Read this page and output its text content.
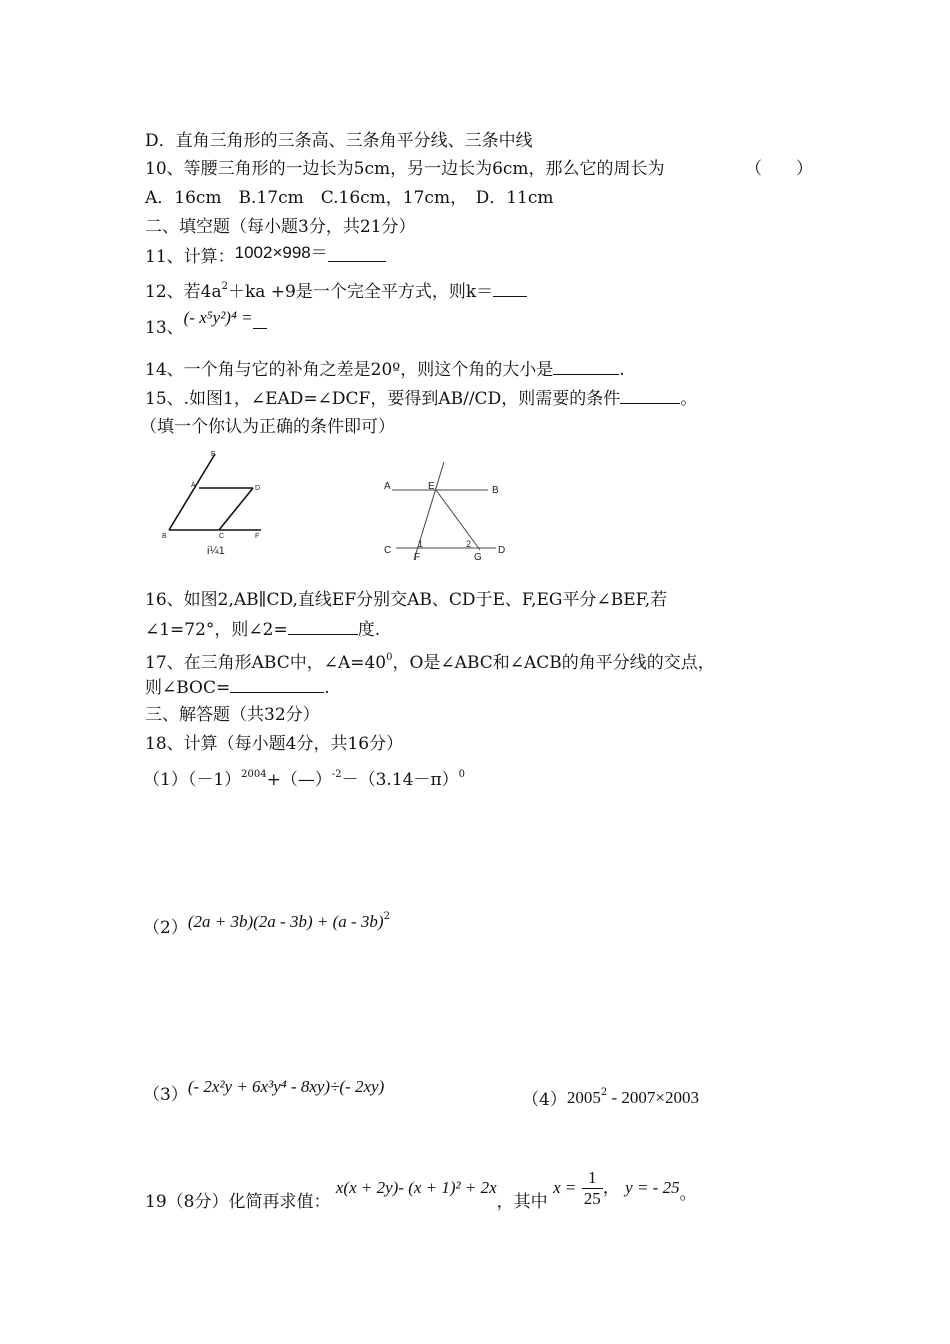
D．直角三角形的三条高、三条角平分线、三条中线
10、等腰三角形的一边长为5cm，另一边长为6cm，那么它的周长为	（　　）
A．16cm　B.17cm　C.16cm，17cm，　D．11cm
二、填空题（每小题3分，共21分）
11、计算：1002×998＝
12、若$4a^2+ka +9$是一个完全平方式，则k＝
13、(- x⁵y²)⁴ =
14、一个角与它的补角之差是20º，则这个角的大小是	.
15、.如图1，∠EAD=∠DCF，要得到AB//CD，则需要的条件	。
（填一个你认为正确的条件即可）
E
A	D
B	C	F
i¼1
A	E	B
C
1
F
2
G
D
16、如图2,AB∥CD,直线EF分别交AB、CD于E、F,EG平分∠BEF,若
∠1=72°，则∠2=	度.
17、在三角形ABC中，$\angle A=40^0$，O是∠ABC和∠ACB的角平分线的交点，
则∠BOC=	.
三、解答题（共32分）
18、计算（每小题4分，共16分）
$(1)(-1)^{2004}+(—)^{-2}-(3.14-\pi)^0$
（2）(2a + 3b)(2a - 3b) + (a - 3b)$^2$
（3）(- 2x²y + 6x³y⁴ - 8xy)÷(- 2xy)
（4）2005$^2$ - 2007×2003
19（8分）化简再求值： x(x + 2y)- (x + 1)² + 2x，其中 $x = \frac{1}{25}$ ， y = - 25。
